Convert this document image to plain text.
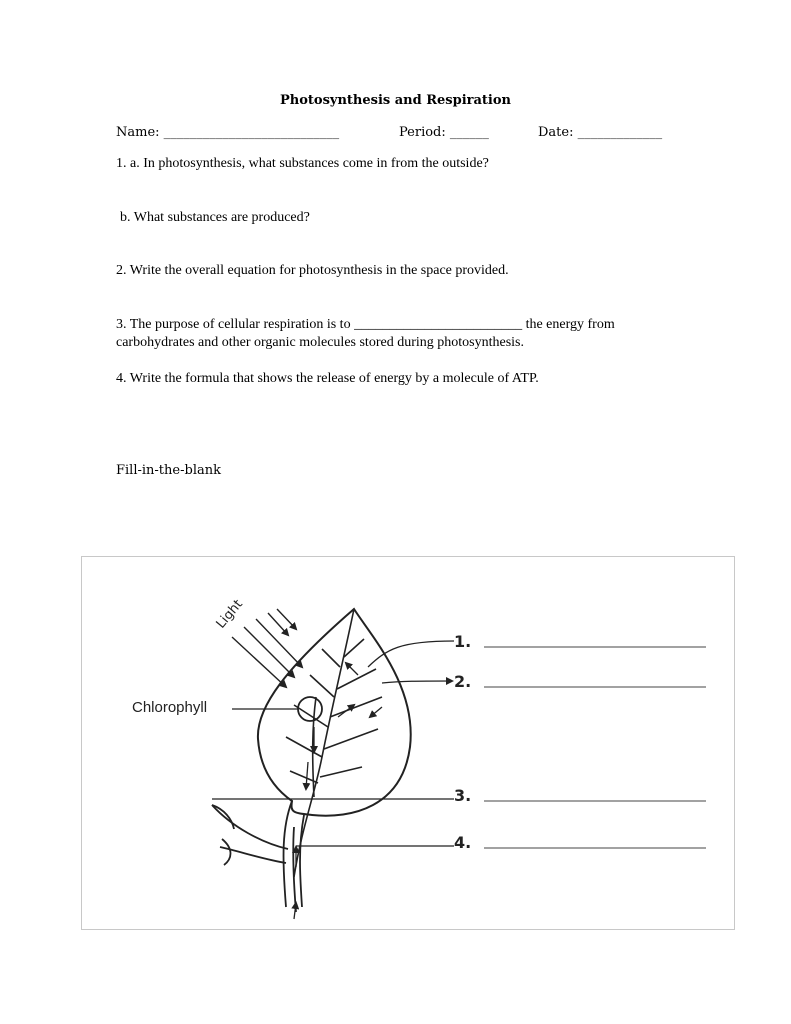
Photosynthesis and Respiration
Name: ___________________________	Period: ______	Date: _____________
1. a. In photosynthesis, what substances come in from the outside?
b. What substances are produced?
2. Write the overall equation for photosynthesis in the space provided.
3. The purpose of cellular respiration is to ________________________ the energy from
carbohydrates and other organic molecules stored during photosynthesis.
4. Write the formula that shows the release of energy by a molecule of ATP.
Fill-in-the-blank
Light
Chlorophyll
1.
2.
3.
4.
